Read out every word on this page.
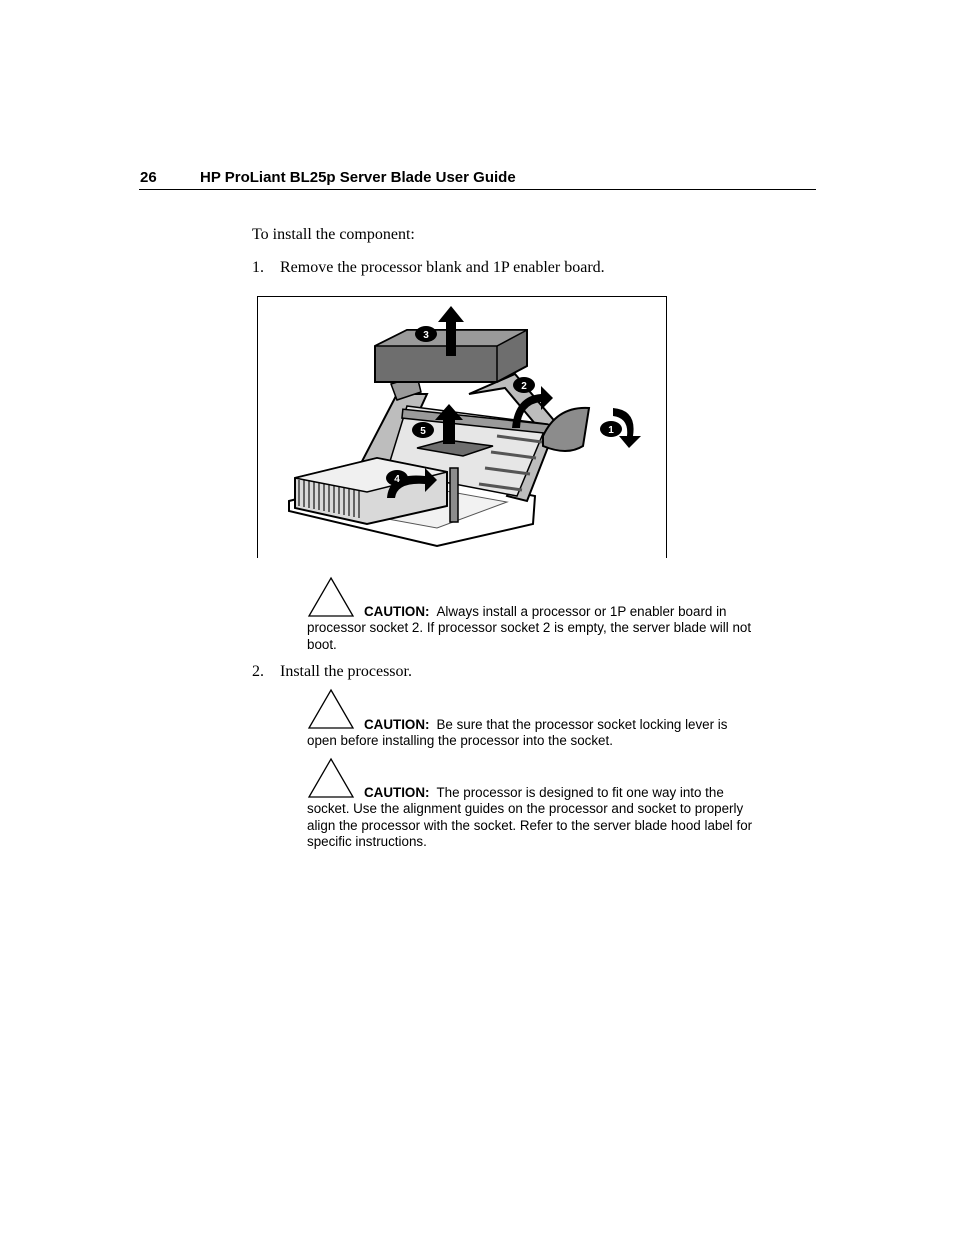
26	HP ProLiant BL25p Server Blade User Guide
To install the component:
1. Remove the processor blank and 1P enabler board.
3
2
1
5
4
CAUTION: Always install a processor or 1P enabler board in processor socket 2. If processor socket 2 is empty, the server blade will not boot.
2. Install the processor.
CAUTION: Be sure that the processor socket locking lever is open before installing the processor into the socket.
CAUTION: The processor is designed to fit one way into the socket. Use the alignment guides on the processor and socket to properly align the processor with the socket. Refer to the server blade hood label for specific instructions.
